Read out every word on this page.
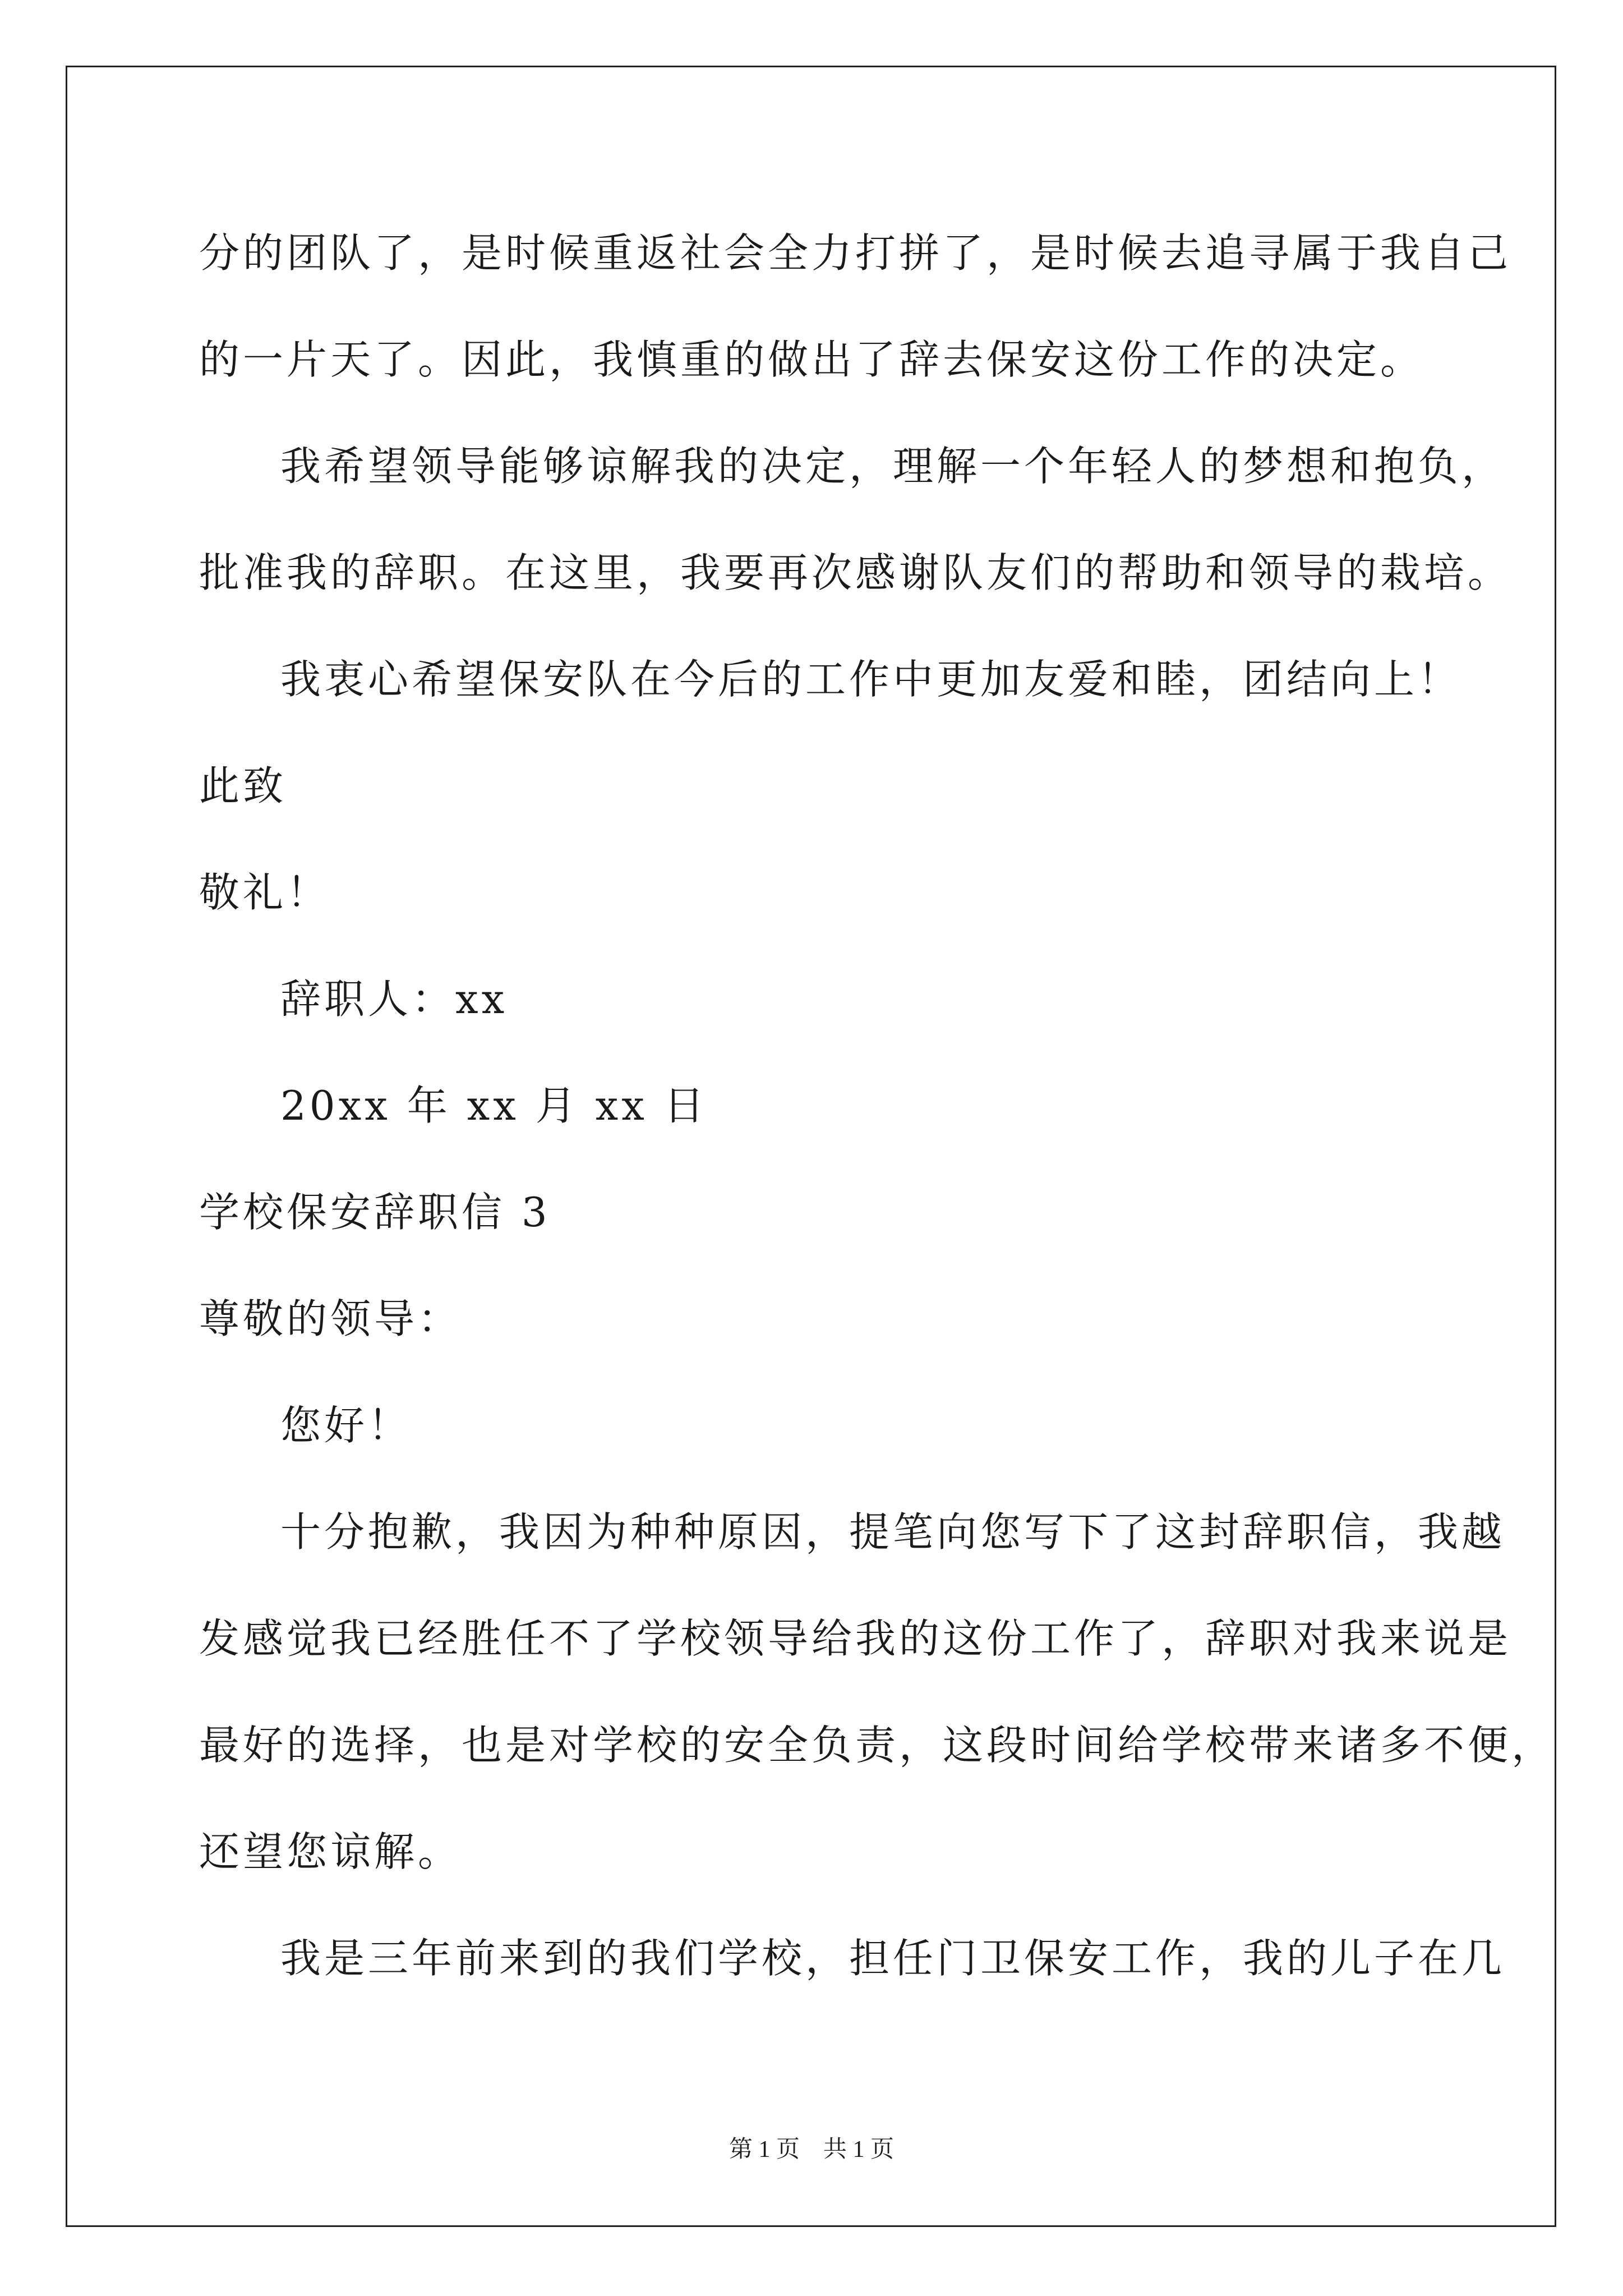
分的团队了，是时候重返社会全力打拼了，是时候去追寻属于我自己
的一片天了。因此，我慎重的做出了辞去保安这份工作的决定。
我希望领导能够谅解我的决定，理解一个年轻人的梦想和抱负，
批准我的辞职。在这里，我要再次感谢队友们的帮助和领导的栽培。
我衷心希望保安队在今后的工作中更加友爱和睦，团结向上！
此致
敬礼！
辞职人：xx
20xx 年 xx 月 xx 日
学校保安辞职信 3
尊敬的领导：
您好！
十分抱歉，我因为种种原因，提笔向您写下了这封辞职信，我越
发感觉我已经胜任不了学校领导给我的这份工作了，辞职对我来说是
最好的选择，也是对学校的安全负责，这段时间给学校带来诸多不便，
还望您谅解。
我是三年前来到的我们学校，担任门卫保安工作，我的儿子在几
第 1 页　共 1 页
